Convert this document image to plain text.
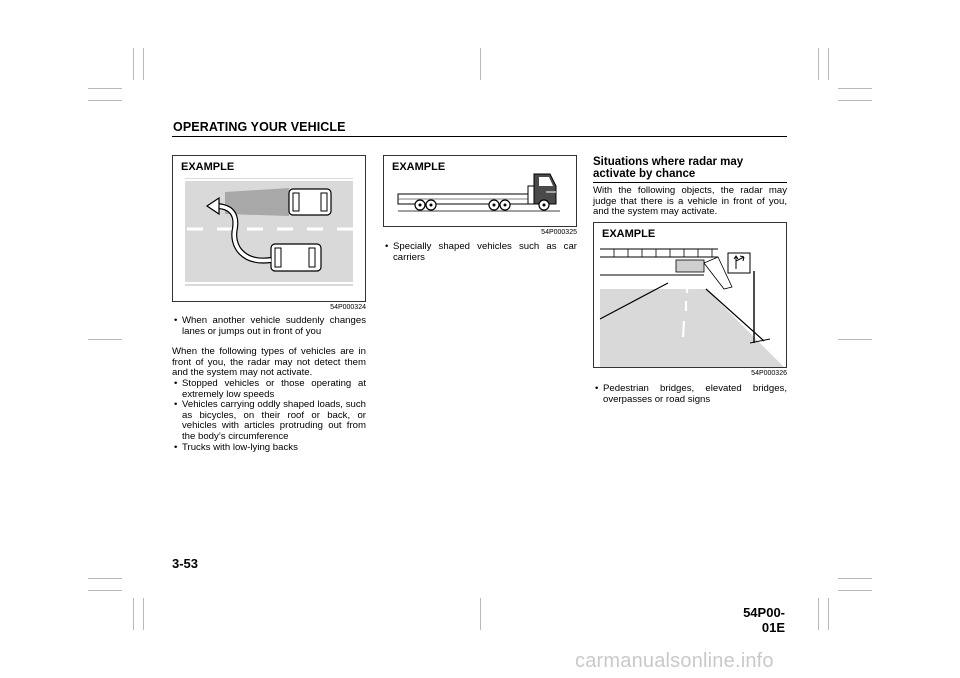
OPERATING YOUR VEHICLE
EXAMPLE
54P000324
• When another vehicle suddenly changes lanes or jumps out in front of you
When the following types of vehicles are in front of you, the radar may not detect them and the system may not activate.
• Stopped vehicles or those operating at extremely low speeds
• Vehicles carrying oddly shaped loads, such as bicycles, on their roof or back, or vehicles with articles protruding out from the body’s circumference
• Trucks with low-lying backs
EXAMPLE
54P000325
• Specially shaped vehicles such as car carriers
Situations where radar may activate by chance
With the following objects, the radar may judge that there is a vehicle in front of you, and the system may activate.
EXAMPLE
54P000326
• Pedestrian bridges, elevated bridges, overpasses or road signs
3-53
54P00-01E
carmanualsonline.info
